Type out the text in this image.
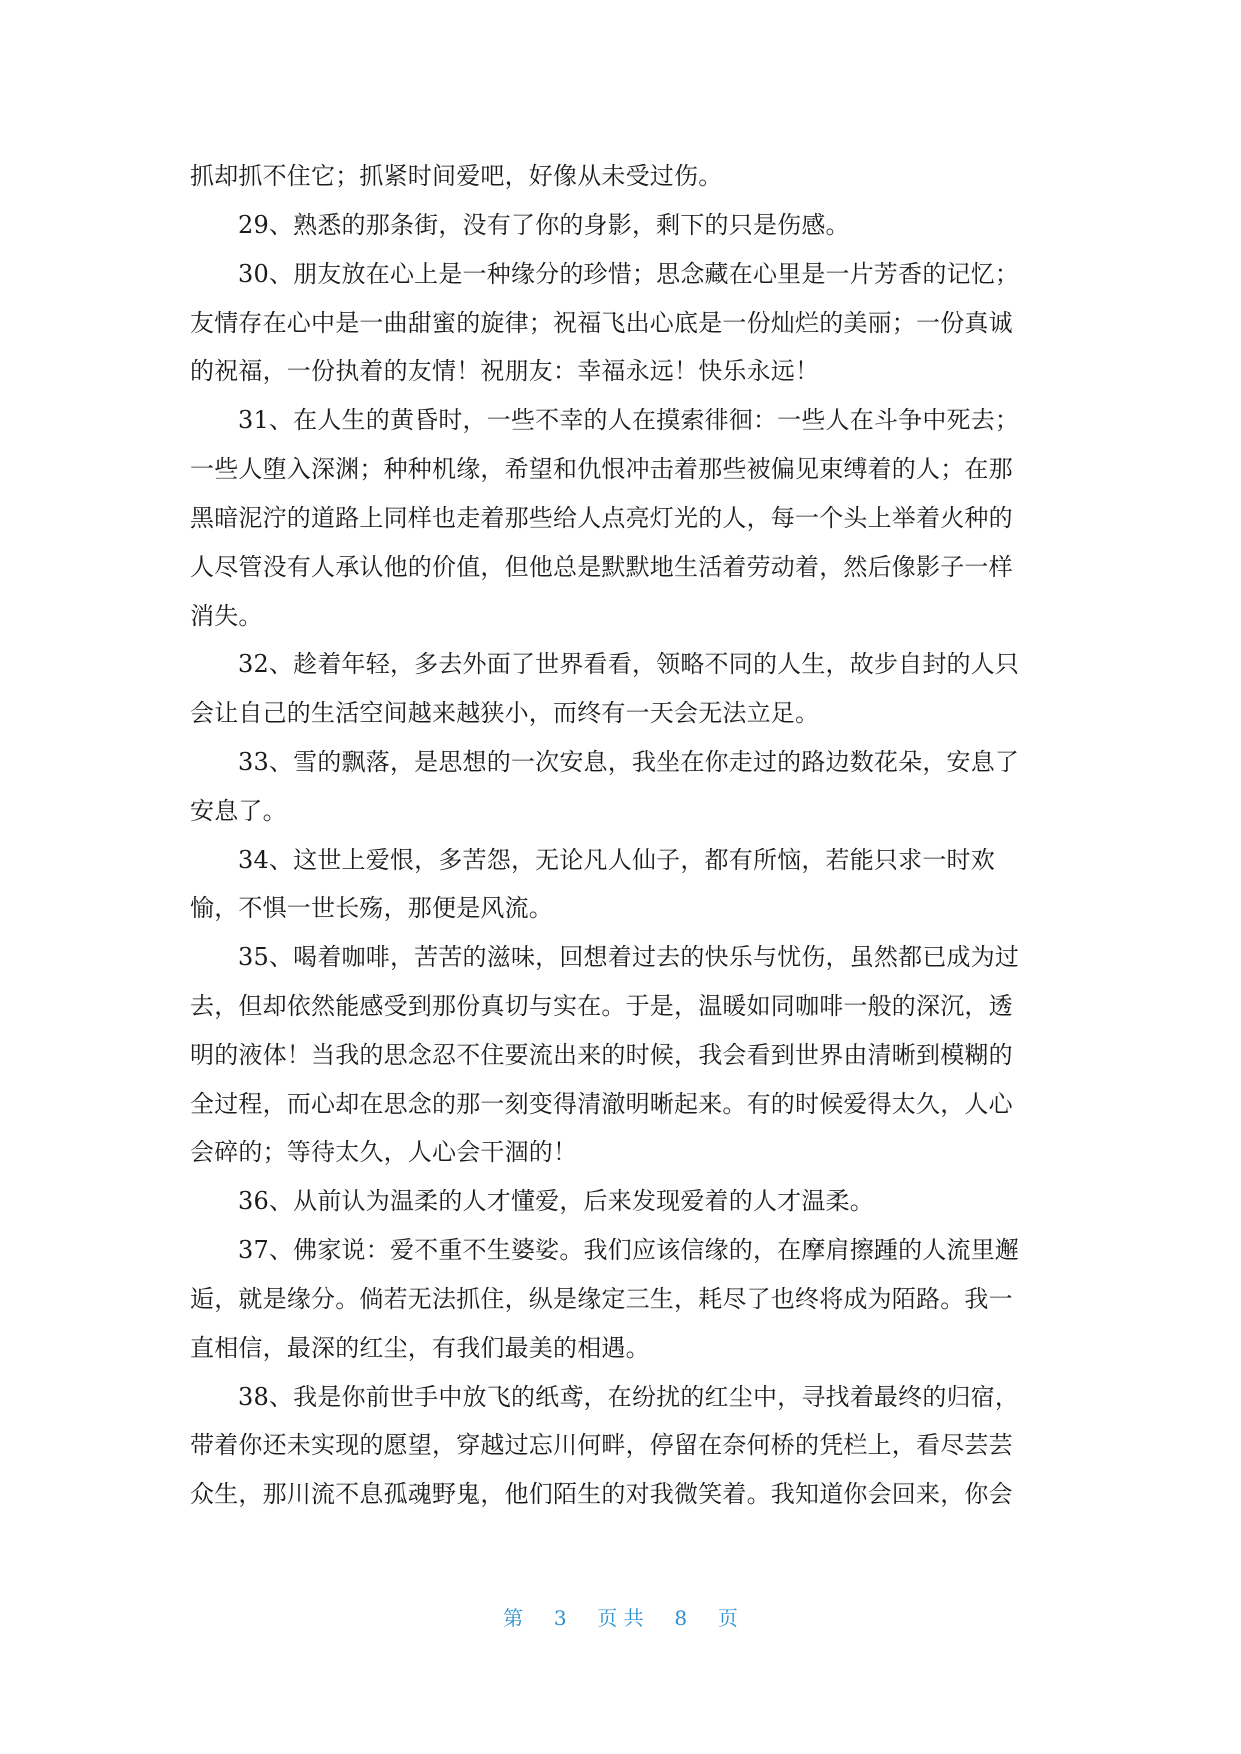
抓却抓不住它；抓紧时间爱吧，好像从未受过伤。
29、熟悉的那条街，没有了你的身影，剩下的只是伤感。
30、朋友放在心上是一种缘分的珍惜；思念藏在心里是一片芳香的记忆；
友情存在心中是一曲甜蜜的旋律；祝福飞出心底是一份灿烂的美丽；一份真诚
的祝福，一份执着的友情！祝朋友：幸福永远！快乐永远！
31、在人生的黄昏时，一些不幸的人在摸索徘徊：一些人在斗争中死去；
一些人堕入深渊；种种机缘，希望和仇恨冲击着那些被偏见束缚着的人；在那
黑暗泥泞的道路上同样也走着那些给人点亮灯光的人，每一个头上举着火种的
人尽管没有人承认他的价值，但他总是默默地生活着劳动着，然后像影子一样
消失。
32、趁着年轻，多去外面了世界看看，领略不同的人生，故步自封的人只
会让自己的生活空间越来越狭小，而终有一天会无法立足。
33、雪的飘落，是思想的一次安息，我坐在你走过的路边数花朵，安息了
安息了。
34、这世上爱恨，多苦怨，无论凡人仙子，都有所恼，若能只求一时欢
愉，不惧一世长殇，那便是风流。
35、喝着咖啡，苦苦的滋味，回想着过去的快乐与忧伤，虽然都已成为过
去，但却依然能感受到那份真切与实在。于是，温暖如同咖啡一般的深沉，透
明的液体！当我的思念忍不住要流出来的时候，我会看到世界由清晰到模糊的
全过程，而心却在思念的那一刻变得清澈明晰起来。有的时候爱得太久，人心
会碎的；等待太久，人心会干涸的！
36、从前认为温柔的人才懂爱，后来发现爱着的人才温柔。
37、佛家说：爱不重不生婆娑。我们应该信缘的，在摩肩擦踵的人流里邂
逅，就是缘分。倘若无法抓住，纵是缘定三生，耗尽了也终将成为陌路。我一
直相信，最深的红尘，有我们最美的相遇。
38、我是你前世手中放飞的纸鸢，在纷扰的红尘中，寻找着最终的归宿，
带着你还未实现的愿望，穿越过忘川何畔，停留在奈何桥的凭栏上，看尽芸芸
众生，那川流不息孤魂野鬼，他们陌生的对我微笑着。我知道你会回来，你会
第 3 页 共 8 页
